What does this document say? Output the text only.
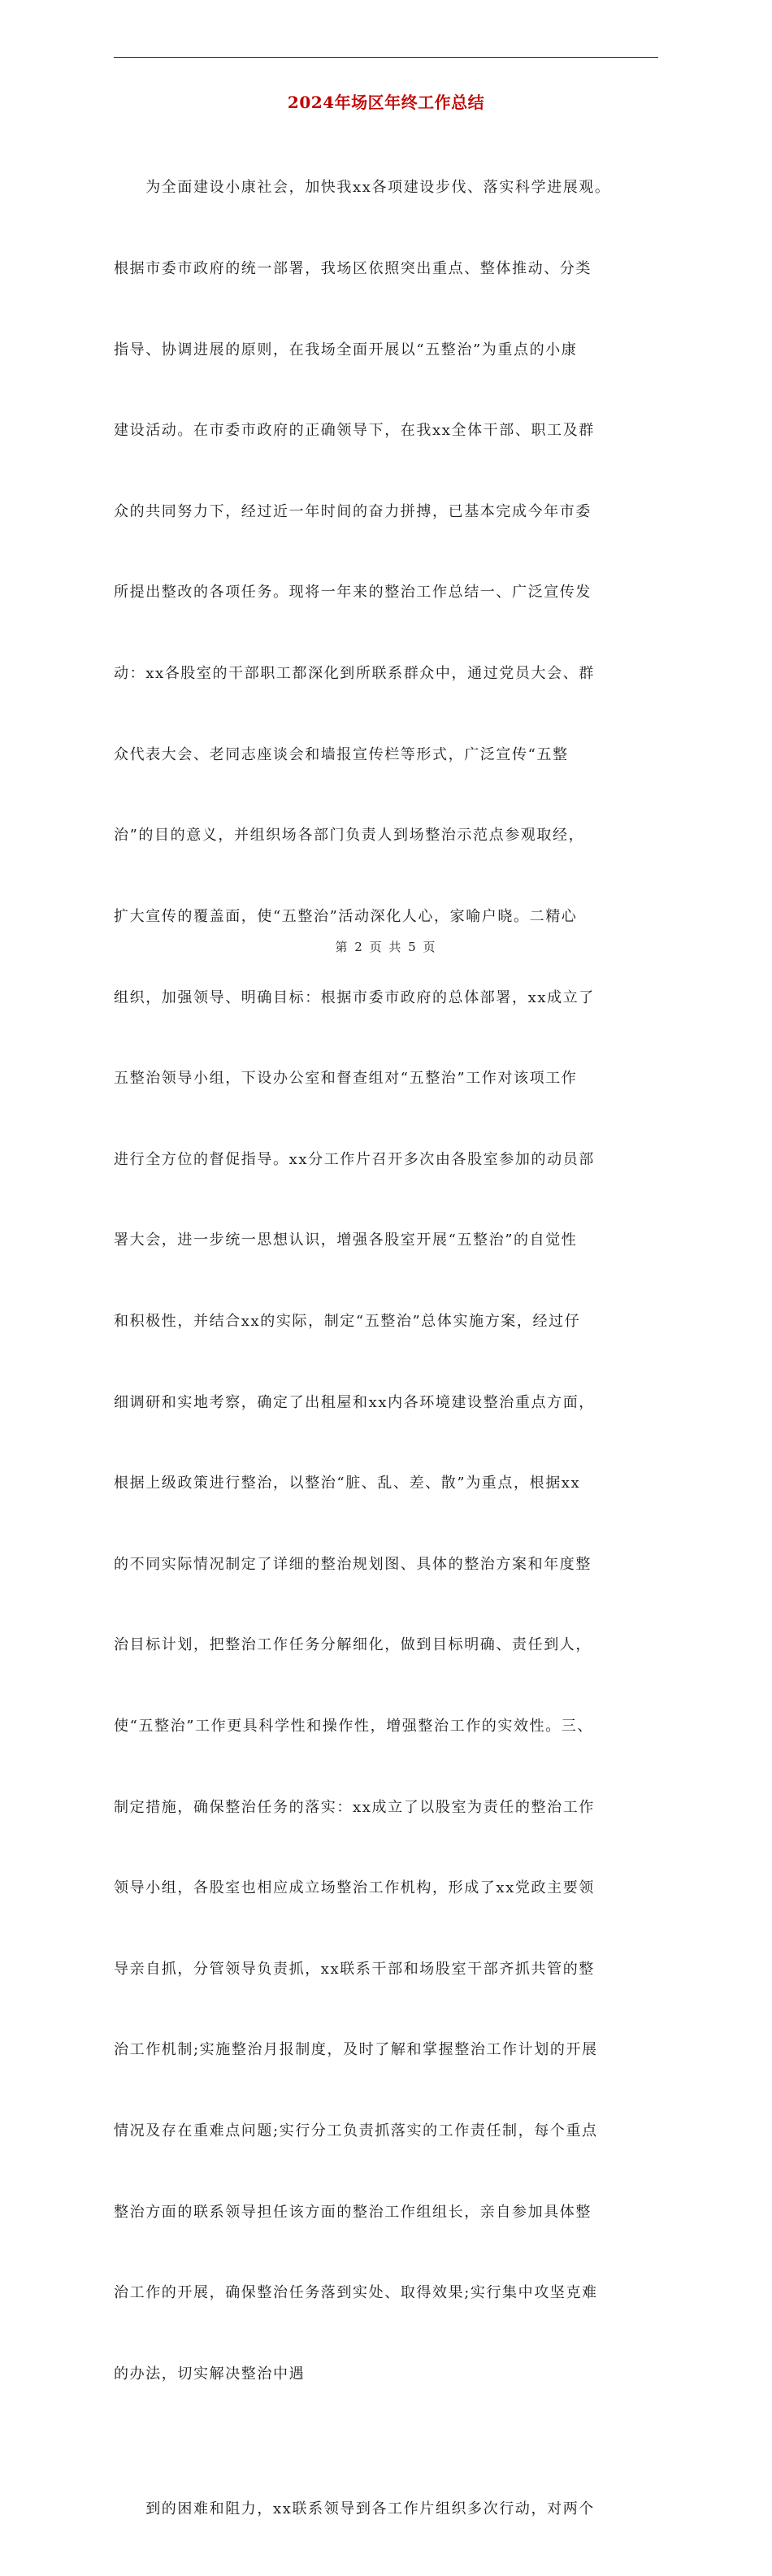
2024年场区年终工作总结

　　为全面建设小康社会，加快我xx各项建设步伐、落实科学进展观。

根据市委市政府的统一部署，我场区依照突出重点、整体推动、分类

指导、协调进展的原则，在我场全面开展以“五整治”为重点的小康

建设活动。在市委市政府的正确领导下，在我xx全体干部、职工及群

众的共同努力下，经过近一年时间的奋力拼搏，已基本完成今年市委

所提出整改的各项任务。现将一年来的整治工作总结一、广泛宣传发

动：xx各股室的干部职工都深化到所联系群众中，通过党员大会、群

众代表大会、老同志座谈会和墙报宣传栏等形式，广泛宣传“五整

治”的目的意义，并组织场各部门负责人到场整治示范点参观取经，

扩大宣传的覆盖面，使“五整治”活动深化人心，家喻户晓。二精心

组织，加强领导、明确目标：根据市委市政府的总体部署，xx成立了

五整治领导小组，下设办公室和督查组对“五整治”工作对该项工作

进行全方位的督促指导。xx分工作片召开多次由各股室参加的动员部

署大会，进一步统一思想认识，增强各股室开展“五整治”的自觉性

和积极性，并结合xx的实际，制定“五整治”总体实施方案，经过仔

细调研和实地考察，确定了出租屋和xx内各环境建设整治重点方面，

根据上级政策进行整治，以整治“脏、乱、差、散”为重点，根据xx

的不同实际情况制定了详细的整治规划图、具体的整治方案和年度整

治目标计划，把整治工作任务分解细化，做到目标明确、责任到人，

使“五整治”工作更具科学性和操作性，增强整治工作的实效性。三、

制定措施，确保整治任务的落实：xx成立了以股室为责任的整治工作

领导小组，各股室也相应成立场整治工作机构，形成了xx党政主要领

导亲自抓，分管领导负责抓，xx联系干部和场股室干部齐抓共管的整

治工作机制;实施整治月报制度，及时了解和掌握整治工作计划的开展

情况及存在重难点问题;实行分工负责抓落实的工作责任制，每个重点

整治方面的联系领导担任该方面的整治工作组组长，亲自参加具体整

治工作的开展，确保整治任务落到实处、取得效果;实行集中攻坚克难

的办法，切实解决整治中遇

　　到的困难和阻力，xx联系领导到各工作片组织多次行动，对两个

第 2 页 共 5 页
